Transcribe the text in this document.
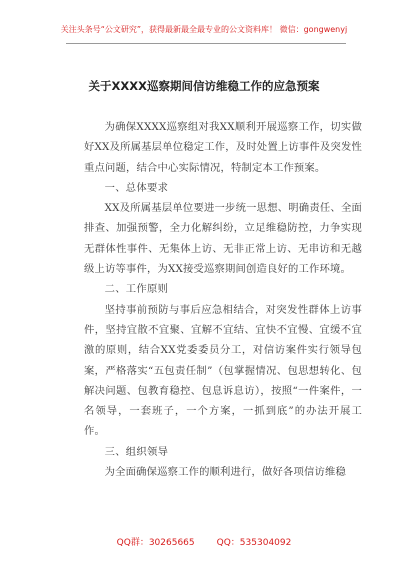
关注头条号“公文研究”，获得最新最全最专业的公文资料库！ 微信：gongwenyj
关于XXXX巡察期间信访维稳工作的应急预案

为确保XXXX巡察组对我XX顺利开展巡察工作，切实做好XX及所属基层单位稳定工作，及时处置上访事件及突发性重点问题，结合中心实际情况，特制定本工作预案。

一、总体要求

XX及所属基层单位要进一步统一思想、明确责任、全面排查、加强预警，全力化解纠纷，立足维稳防控，力争实现无群体性事件、无集体上访、无非正常上访、无串访和无越级上访等事件，为XX接受巡察期间创造良好的工作环境。

二、工作原则

坚持事前预防与事后应急相结合，对突发性群体上访事件，坚持宜散不宜聚、宜解不宜结、宜快不宜慢、宜缓不宜激的原则，结合XX党委委员分工，对信访案件实行领导包案，严格落实“五包责任制”（包掌握情况、包思想转化、包解决问题、包教育稳控、包息诉息访），按照“一件案件，一名领导，一套班子，一个方案，一抓到底”的办法开展工作。

三、组织领导

为全面确保巡察工作的顺利进行，做好各项信访维稳

QQ群：30265665 QQ：535304092
